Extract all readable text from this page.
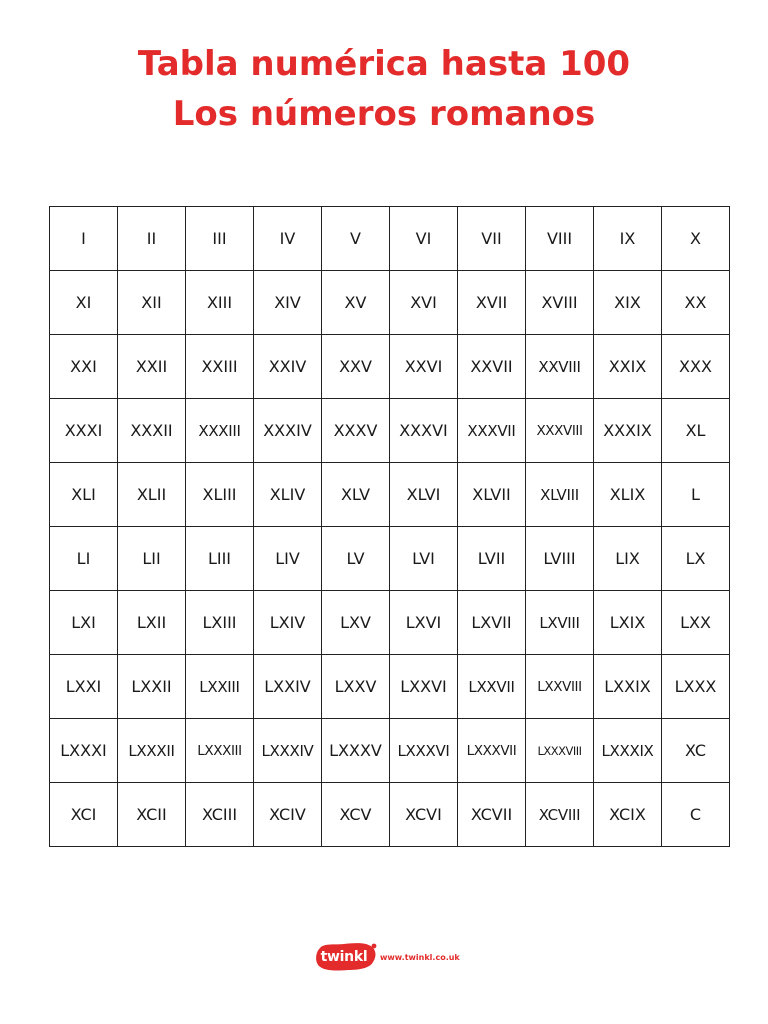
Tabla numérica hasta 100
Los números romanos
I	II	III	IV	V	VI	VII	VIII	IX	X
XI	XII	XIII	XIV	XV	XVI	XVII	XVIII	XIX	XX
XXI	XXII	XXIII	XXIV	XXV	XXVI	XXVII	XXVIII	XXIX	XXX
XXXI	XXXII	XXXIII	XXXIV	XXXV	XXXVI	XXXVII	XXXVIII	XXXIX	XL
XLI	XLII	XLIII	XLIV	XLV	XLVI	XLVII	XLVIII	XLIX	L
LI	LII	LIII	LIV	LV	LVI	LVII	LVIII	LIX	LX
LXI	LXII	LXIII	LXIV	LXV	LXVI	LXVII	LXVIII	LXIX	LXX
LXXI	LXXII	LXXIII	LXXIV	LXXV	LXXVI	LXXVII	LXXVIII	LXXIX	LXXX
LXXXI	LXXXII	LXXXIII	LXXXIV	LXXXV	LXXXVI	LXXXVII	LXXXVIII	LXXXIX	XC
XCI	XCII	XCIII	XCIV	XCV	XCVI	XCVII	XCVIII	XCIX	C
twinkl	www.twinkl.co.uk
